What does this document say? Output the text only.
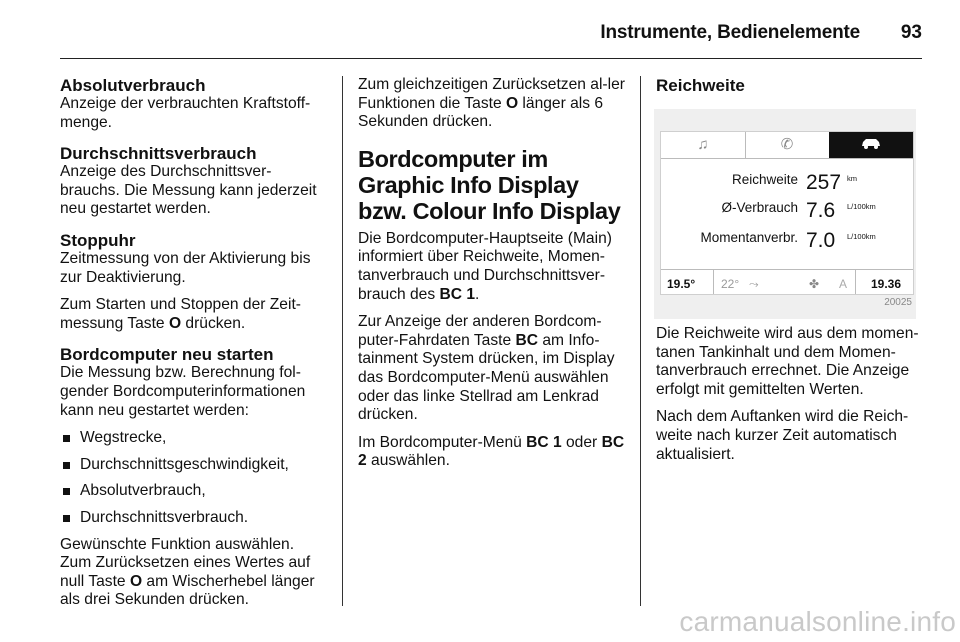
Instrumente, Bedienelemente 93
Absolutverbrauch
Anzeige der verbrauchten Kraftstoff-menge.
Durchschnittsverbrauch
Anzeige des Durchschnittsver-brauchs. Die Messung kann jederzeit neu gestartet werden.
Stoppuhr

Zeitmessung von der Aktivierung bis zur Deaktivierung.

Zum Starten und Stoppen der Zeit-messung Taste O drücken.
Bordcomputer neu starten

Die Messung bzw. Berechnung fol-gender Bordcomputerinformationen kann neu gestartet werden:

Wegstrecke,
Durchschnittsgeschwindigkeit,
Absolutverbrauch,
Durchschnittsverbrauch.
Gewünschte Funktion auswählen. Zum Zurücksetzen eines Wertes auf null Taste O am Wischerhebel länger als drei Sekunden drücken.

Zum gleichzeitigen Zurücksetzen al-ler Funktionen die Taste O länger als 6 Sekunden drücken.

Bordcomputer im Graphic Info Display bzw. Colour Info Display

Die Bordcomputer-Hauptseite (Main) informiert über Reichweite, Momen-tanverbrauch und Durchschnittsver-brauch des BC 1.

Zur Anzeige der anderen Bordcom-puter-Fahrdaten Taste BC am Info-tainment System drücken, im Display das Bordcomputer-Menü auswählen oder das linke Stellrad am Lenkrad drücken.

Im Bordcomputer-Menü BC 1 oder BC 2 auswählen.

Reichweite
♫	✆
Reichweite 257 km
Ø-Verbrauch 7.6 L/100km
Momentanverbr. 7.0 L/100km
19.5° 22° ⤳	✤ A 19.36
20025

Die Reichweite wird aus dem momen-tanen Tankinhalt und dem Momen-tanverbrauch errechnet. Die Anzeige erfolgt mit gemittelten Werten.

Nach dem Auftanken wird die Reich-weite nach kurzer Zeit automatisch aktualisiert.

carmanualsonline.info
